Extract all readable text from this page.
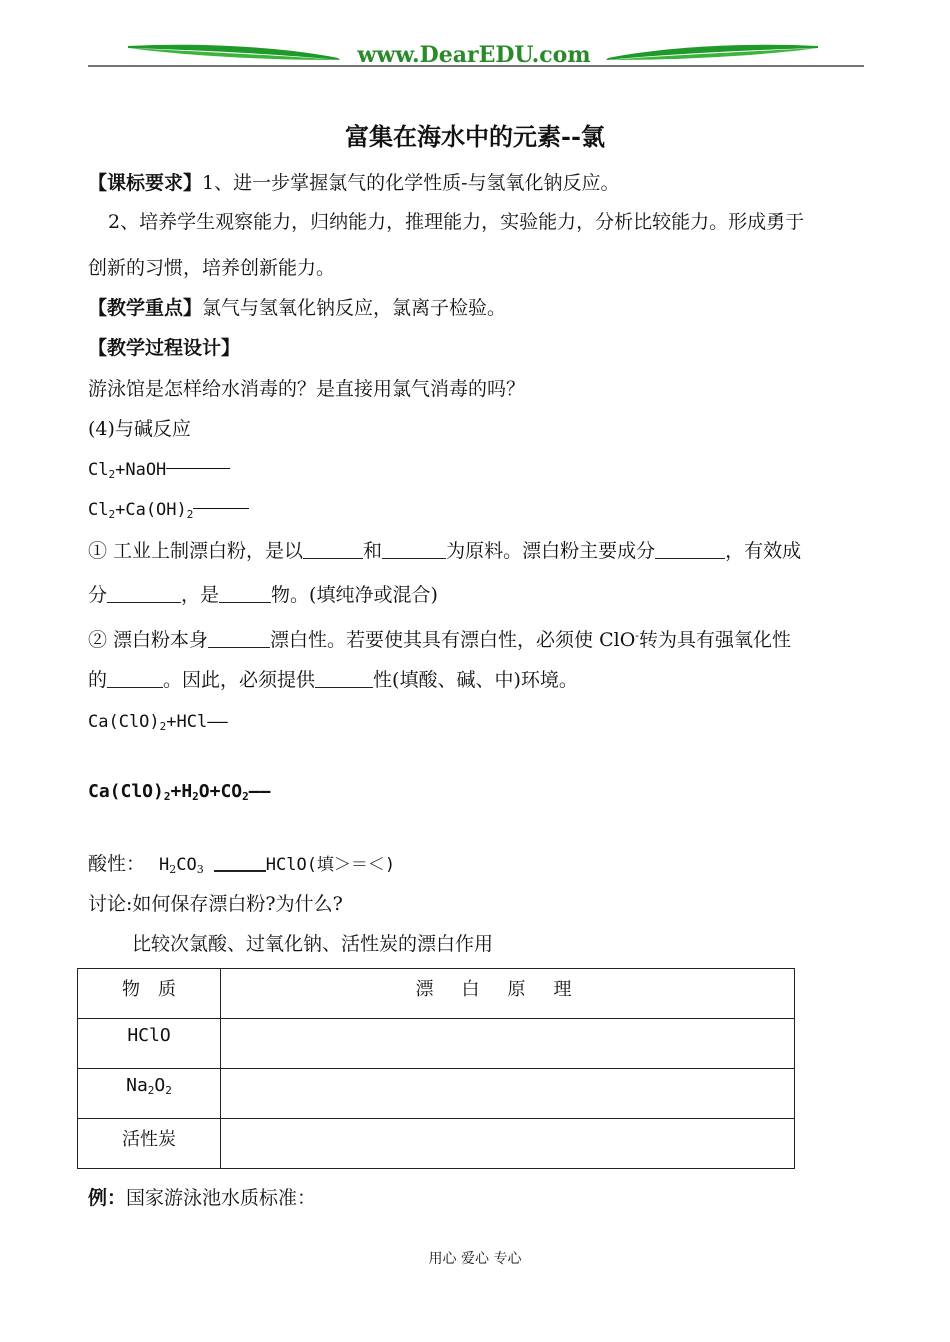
www.DearEDU.com
富集在海水中的元素--氯
【课标要求】1、进一步掌握氯气的化学性质-与氢氧化钠反应。
2、培养学生观察能力，归纳能力，推理能力，实验能力，分析比较能力。形成勇于
创新的习惯，培养创新能力。
【教学重点】氯气与氢氧化钠反应，氯离子检验。
【教学过程设计】
游泳馆是怎样给水消毒的？是直接用氯气消毒的吗？
(4)与碱反应
$Cl_2+NaOH$
$Cl_2+Ca(OH)_2$
① 工业上制漂白粉，是以	和	为原料。漂白粉主要成分	，有效成
分	，是	物。(填纯净或混合)
② 漂白粉本身	漂白性。若要使其具有漂白性，必须使 ClO-转为具有强氧化性
的	。因此，必须提供	性(填酸、碱、中)环境。
$Ca(ClO)_2+HCl——$
$Ca(ClO)_2+H_2O+CO_2——$
酸性： $H_2CO_3$	HClO(填＞＝＜)
讨论:如何保存漂白粉?为什么?
比较次氯酸、过氧化钠、活性炭的漂白作用
物　质	漂白原理
HClO	
$Na_2O_2$	
活性炭	
例：国家游泳池水质标准：
用心 爱心 专心
